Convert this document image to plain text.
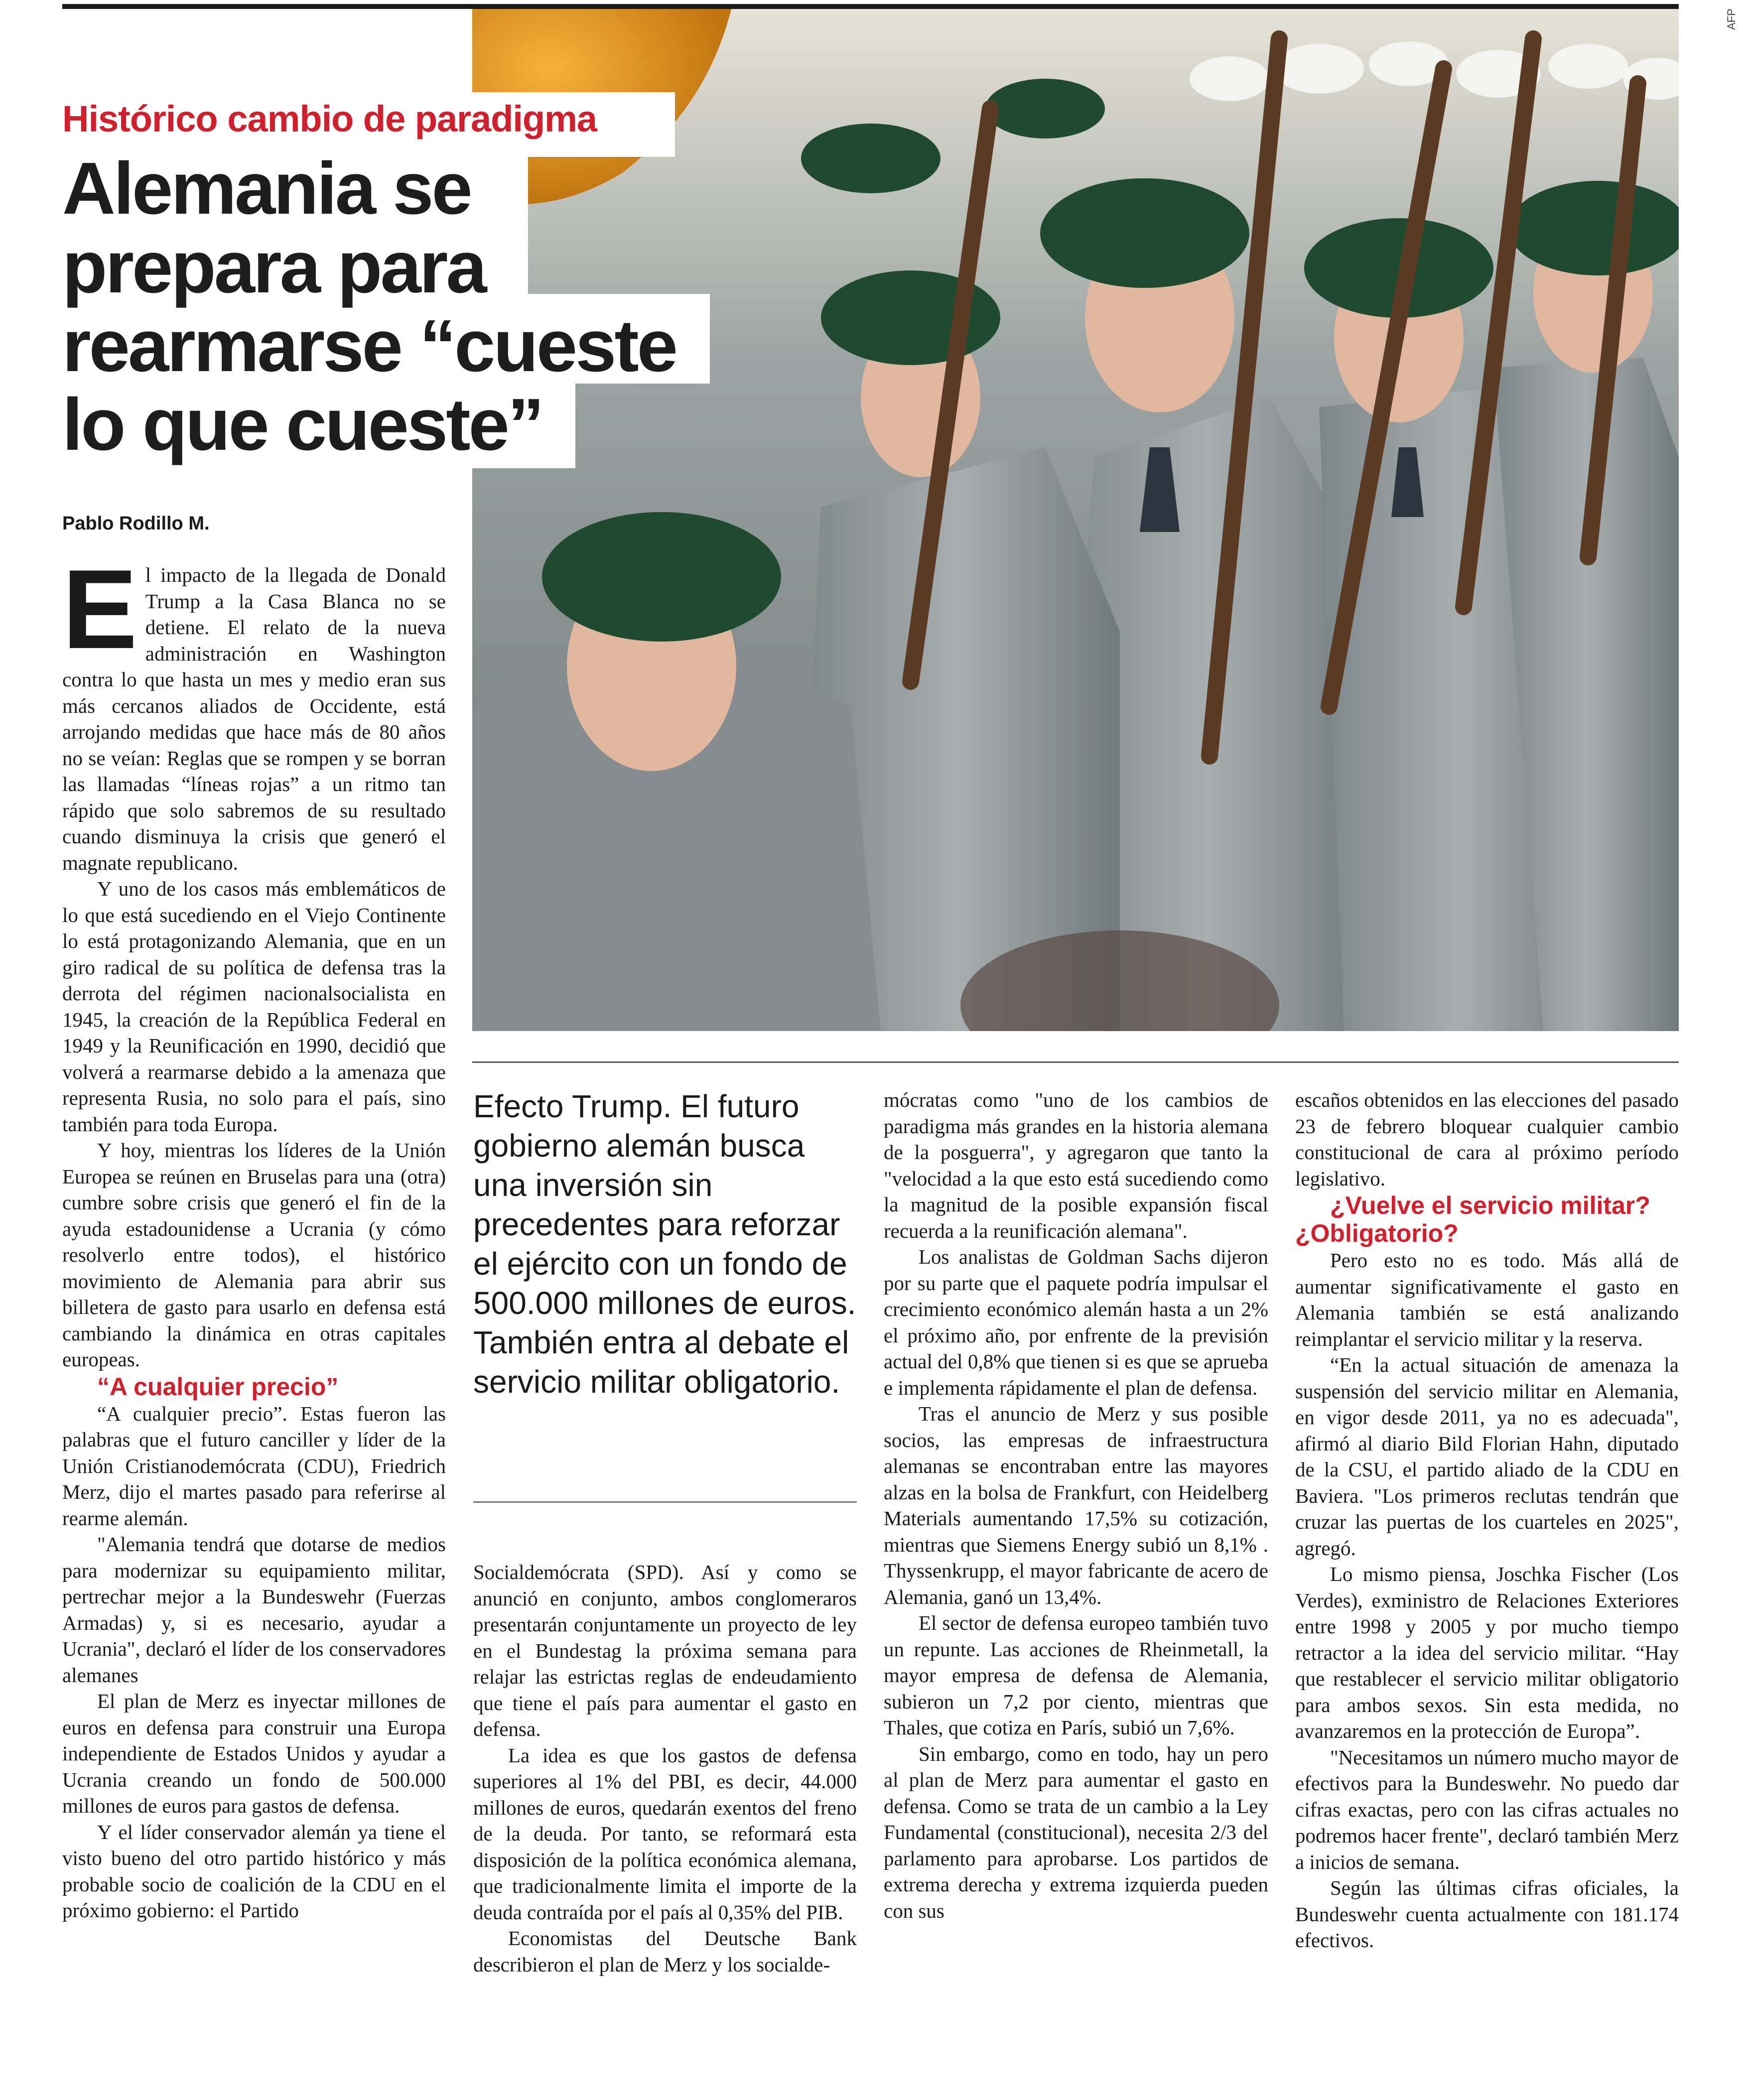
AFP
Histórico cambio de paradigma
Alemania se prepara para rearmarse “cueste lo que cueste”

Pablo Rodillo M.

E l impacto de la llegada de Donald Trump a la Casa Blanca no se detiene. El relato de la nueva administración en Washington contra lo que hasta un mes y medio eran sus más cercanos aliados de Occidente, está arrojando medidas que hace más de 80 años no se veían: Reglas que se rompen y se borran las llamadas “líneas rojas” a un ritmo tan rápido que solo sabremos de su resultado cuando disminuya la crisis que generó el magnate republicano.

Y uno de los casos más emblemáticos de lo que está sucediendo en el Viejo Continente lo está protagonizando Alemania, que en un giro radical de su política de defensa tras la derrota del régimen nacionalsocialista en 1945, la creación de la República Federal en 1949 y la Reunificación en 1990, decidió que volverá a rearmarse debido a la amenaza que representa Rusia, no solo para el país, sino también para toda Europa.

Y hoy, mientras los líderes de la Unión Europea se reúnen en Bruselas para una (otra) cumbre sobre crisis que generó el fin de la ayuda estadounidense a Ucrania (y cómo resolverlo entre todos), el histórico movimiento de Alemania para abrir sus billetera de gasto para usarlo en defensa está cambiando la dinámica en otras capitales europeas.

“A cualquier precio”

“A cualquier precio”. Estas fueron las palabras que el futuro canciller y líder de la Unión Cristianodemócrata (CDU), Friedrich Merz, dijo el martes pasado para referirse al rearme alemán.

"Alemania tendrá que dotarse de medios para modernizar su equipamiento militar, pertrechar mejor a la Bundeswehr (Fuerzas Armadas) y, si es necesario, ayudar a Ucrania", declaró el líder de los conservadores alemanes

El plan de Merz es inyectar millones de euros en defensa para construir una Europa independiente de Estados Unidos y ayudar a Ucrania creando un fondo de 500.000 millones de euros para gastos de defensa.

Y el líder conservador alemán ya tiene el visto bueno del otro partido histórico y más probable socio de coalición de la CDU en el próximo gobierno: el Partido

Efecto Trump. El futuro gobierno alemán busca una inversión sin precedentes para reforzar el ejército con un fondo de 500.000 millones de euros. También entra al debate el servicio militar obligatorio.

Socialdemócrata (SPD). Así y como se anunció en conjunto, ambos conglomeraros presentarán conjuntamente un proyecto de ley en el Bundestag la próxima semana para relajar las estrictas reglas de endeudamiento que tiene el país para aumentar el gasto en defensa.

La idea es que los gastos de defensa superiores al 1% del PBI, es decir, 44.000 millones de euros, quedarán exentos del freno de la deuda. Por tanto, se reformará esta disposición de la política económica alemana, que tradicionalmente limita el importe de la deuda contraída por el país al 0,35% del PIB.

Economistas del Deutsche Bank describieron el plan de Merz y los socialde-

mócratas como "uno de los cambios de paradigma más grandes en la historia alemana de la posguerra", y agregaron que tanto la "velocidad a la que esto está sucediendo como la magnitud de la posible expansión fiscal recuerda a la reunificación alemana".

Los analistas de Goldman Sachs dijeron por su parte que el paquete podría impulsar el crecimiento económico alemán hasta a un 2% el próximo año, por enfrente de la previsión actual del 0,8% que tienen si es que se aprueba e implementa rápidamente el plan de defensa.

Tras el anuncio de Merz y sus posible socios, las empresas de infraestructura alemanas se encontraban entre las mayores alzas en la bolsa de Frankfurt, con Heidelberg Materials aumentando 17,5% su cotización, mientras que Siemens Energy subió un 8,1% . Thyssenkrupp, el mayor fabricante de acero de Alemania, ganó un 13,4%.

El sector de defensa europeo también tuvo un repunte. Las acciones de Rheinmetall, la mayor empresa de defensa de Alemania, subieron un 7,2 por ciento, mientras que Thales, que cotiza en París, subió un 7,6%.

Sin embargo, como en todo, hay un pero al plan de Merz para aumentar el gasto en defensa. Como se trata de un cambio a la Ley Fundamental (constitucional), necesita 2/3 del parlamento para aprobarse. Los partidos de extrema derecha y extrema izquierda pueden con sus

escaños obtenidos en las elecciones del pasado 23 de febrero bloquear cualquier cambio constitucional de cara al próximo período legislativo.

¿Vuelve el servicio militar? ¿Obligatorio?

Pero esto no es todo. Más allá de aumentar significativamente el gasto en Alemania también se está analizando reimplantar el servicio militar y la reserva.

“En la actual situación de amenaza la suspensión del servicio militar en Alemania, en vigor desde 2011, ya no es adecuada", afirmó al diario Bild Florian Hahn, diputado de la CSU, el partido aliado de la CDU en Baviera. "Los primeros reclutas tendrán que cruzar las puertas de los cuarteles en 2025", agregó.

Lo mismo piensa, Joschka Fischer (Los Verdes), exministro de Relaciones Exteriores entre 1998 y 2005 y por mucho tiempo retractor a la idea del servicio militar. “Hay que restablecer el servicio militar obligatorio para ambos sexos. Sin esta medida, no avanzaremos en la protección de Europa”.

"Necesitamos un número mucho mayor de efectivos para la Bundeswehr. No puedo dar cifras exactas, pero con las cifras actuales no podremos hacer frente", declaró también Merz a inicios de semana.

Según las últimas cifras oficiales, la Bundeswehr cuenta actualmente con 181.174 efectivos.
